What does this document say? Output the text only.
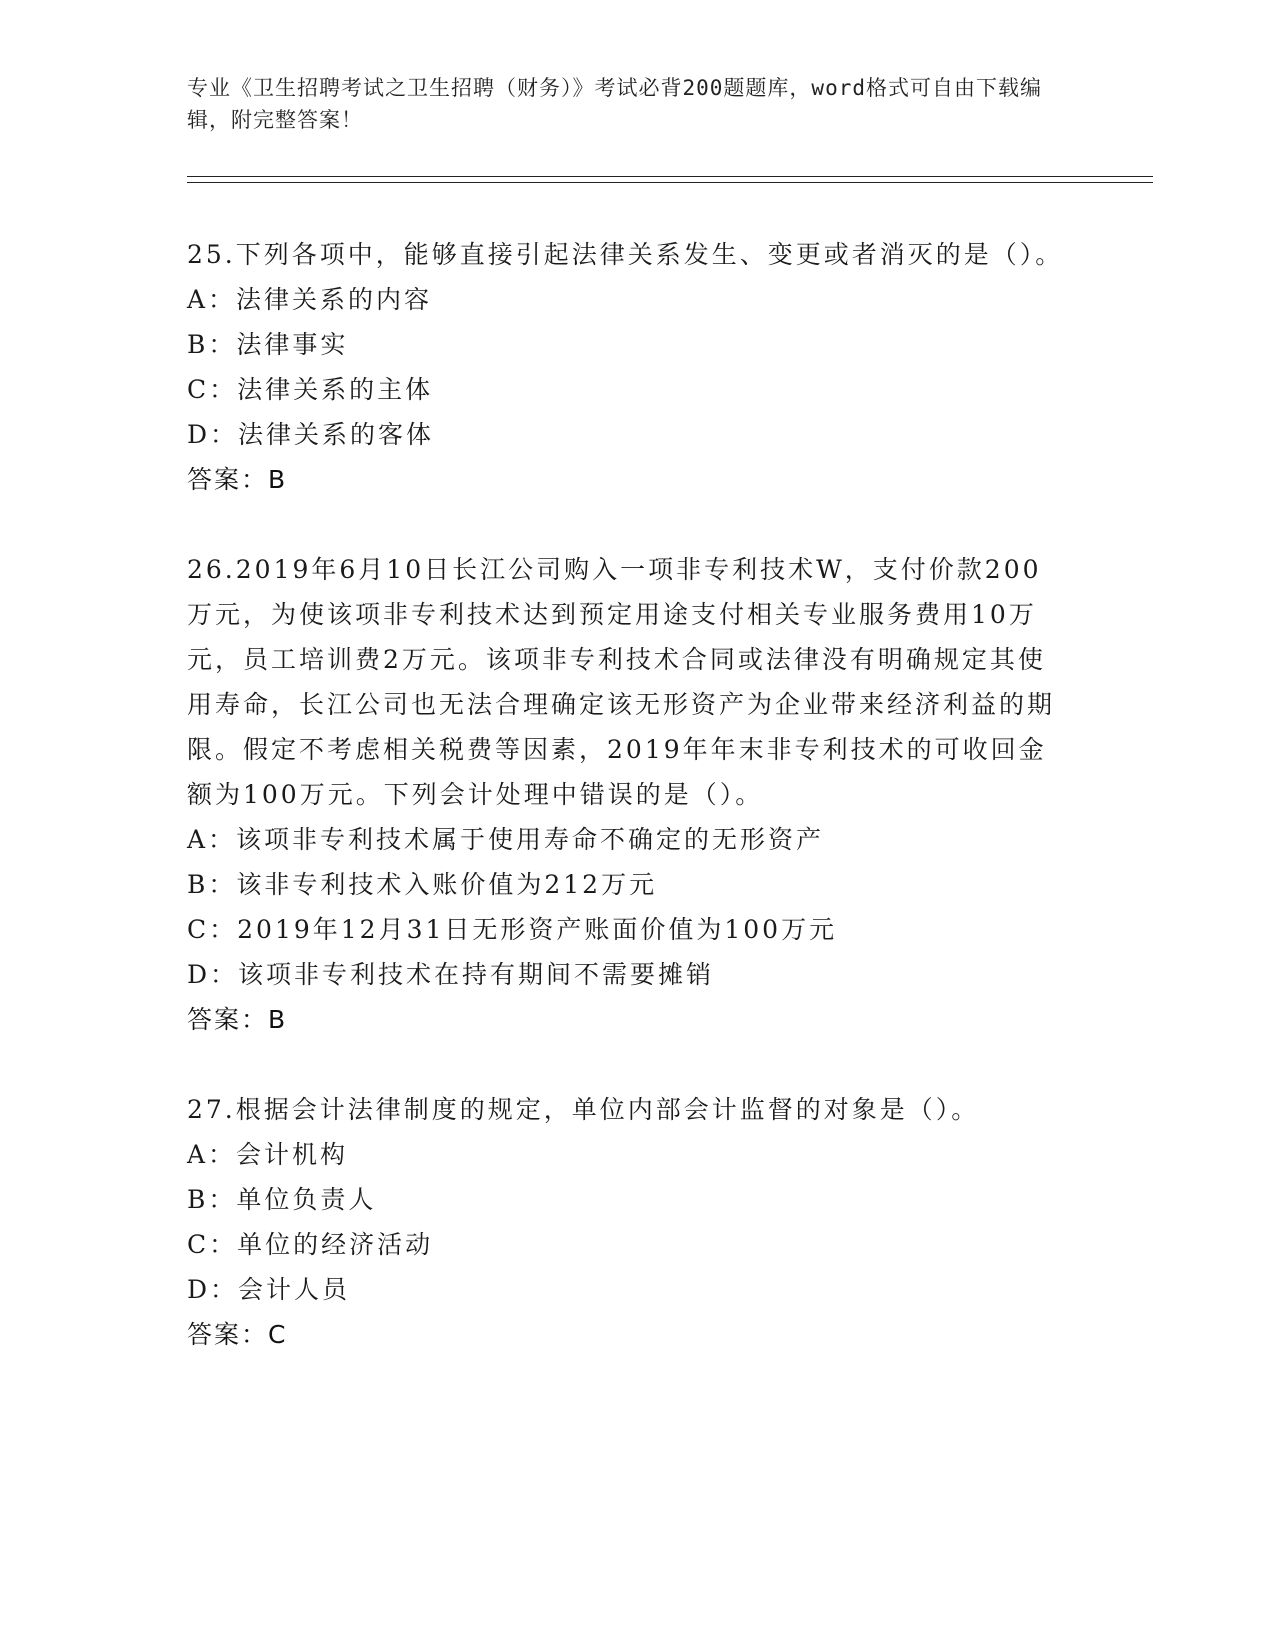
专业《卫生招聘考试之卫生招聘（财务）》考试必背200题题库，word格式可自由下载编辑，附完整答案！

25.下列各项中，能够直接引起法律关系发生、变更或者消灭的是（）。

A：法律关系的内容

B：法律事实

C：法律关系的主体

D：法律关系的客体

答案：B

26.2019年6月10日长江公司购入一项非专利技术W，支付价款200万元，为使该项非专利技术达到预定用途支付相关专业服务费用10万元，员工培训费2万元。该项非专利技术合同或法律没有明确规定其使用寿命，长江公司也无法合理确定该无形资产为企业带来经济利益的期限。假定不考虑相关税费等因素，2019年年末非专利技术的可收回金额为100万元。下列会计处理中错误的是（）。

A：该项非专利技术属于使用寿命不确定的无形资产

B：该非专利技术入账价值为212万元

C：2019年12月31日无形资产账面价值为100万元

D：该项非专利技术在持有期间不需要摊销

答案：B

27.根据会计法律制度的规定，单位内部会计监督的对象是（）。

A：会计机构

B：单位负责人

C：单位的经济活动

D：会计人员

答案：C
